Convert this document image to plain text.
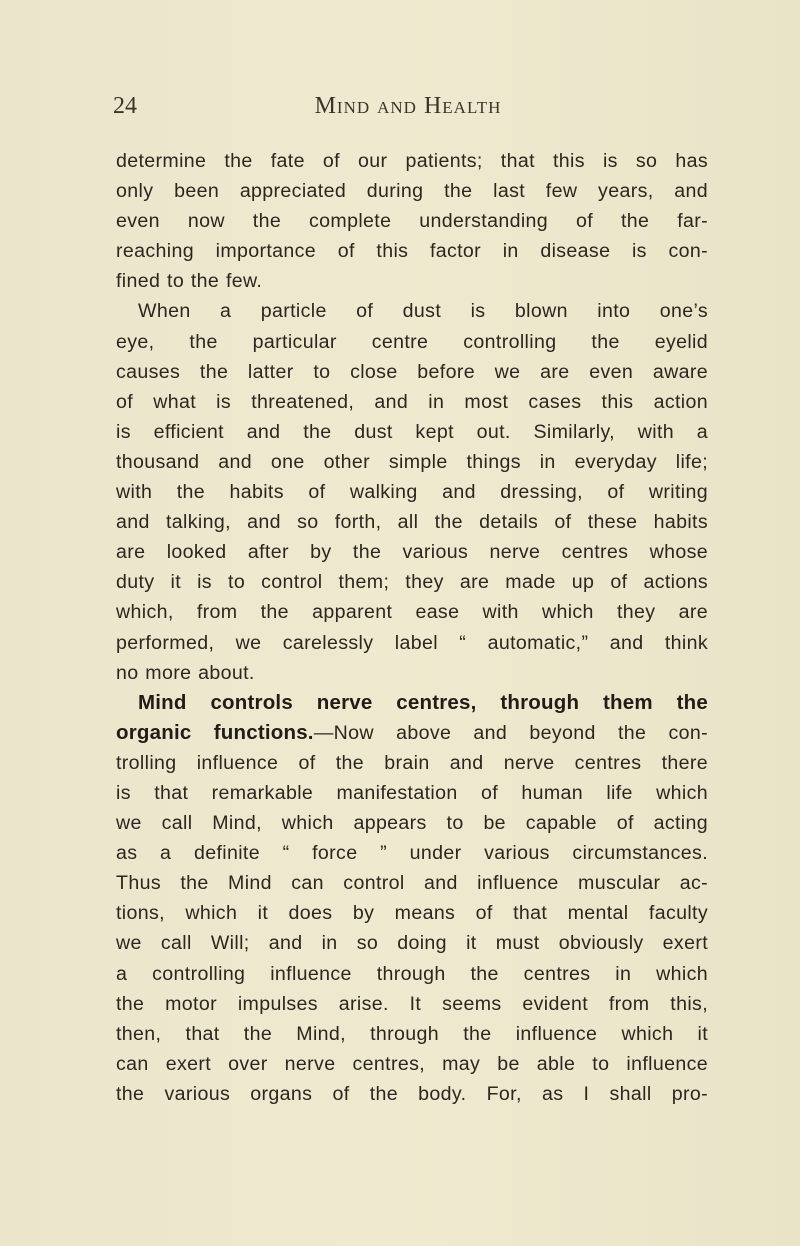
24	Mind and Health
determine the fate of our patients; that this is so has
only been appreciated during the last few years, and
even now the complete understanding of the far-
reaching importance of this factor in disease is con-
fined to the few.
When a particle of dust is blown into one’s
eye, the particular centre controlling the eyelid
causes the latter to close before we are even aware
of what is threatened, and in most cases this action
is efficient and the dust kept out. Similarly, with a
thousand and one other simple things in everyday life;
with the habits of walking and dressing, of writing
and talking, and so forth, all the details of these habits
are looked after by the various nerve centres whose
duty it is to control them; they are made up of actions
which, from the apparent ease with which they are
performed, we carelessly label “ automatic,” and think
no more about.
Mind controls nerve centres, through them the
organic functions.—Now above and beyond the con-
trolling influence of the brain and nerve centres there
is that remarkable manifestation of human life which
we call Mind, which appears to be capable of acting
as a definite “ force ” under various circumstances.
Thus the Mind can control and influence muscular ac-
tions, which it does by means of that mental faculty
we call Will; and in so doing it must obviously exert
a controlling influence through the centres in which
the motor impulses arise. It seems evident from this,
then, that the Mind, through the influence which it
can exert over nerve centres, may be able to influence
the various organs of the body. For, as I shall pro-
